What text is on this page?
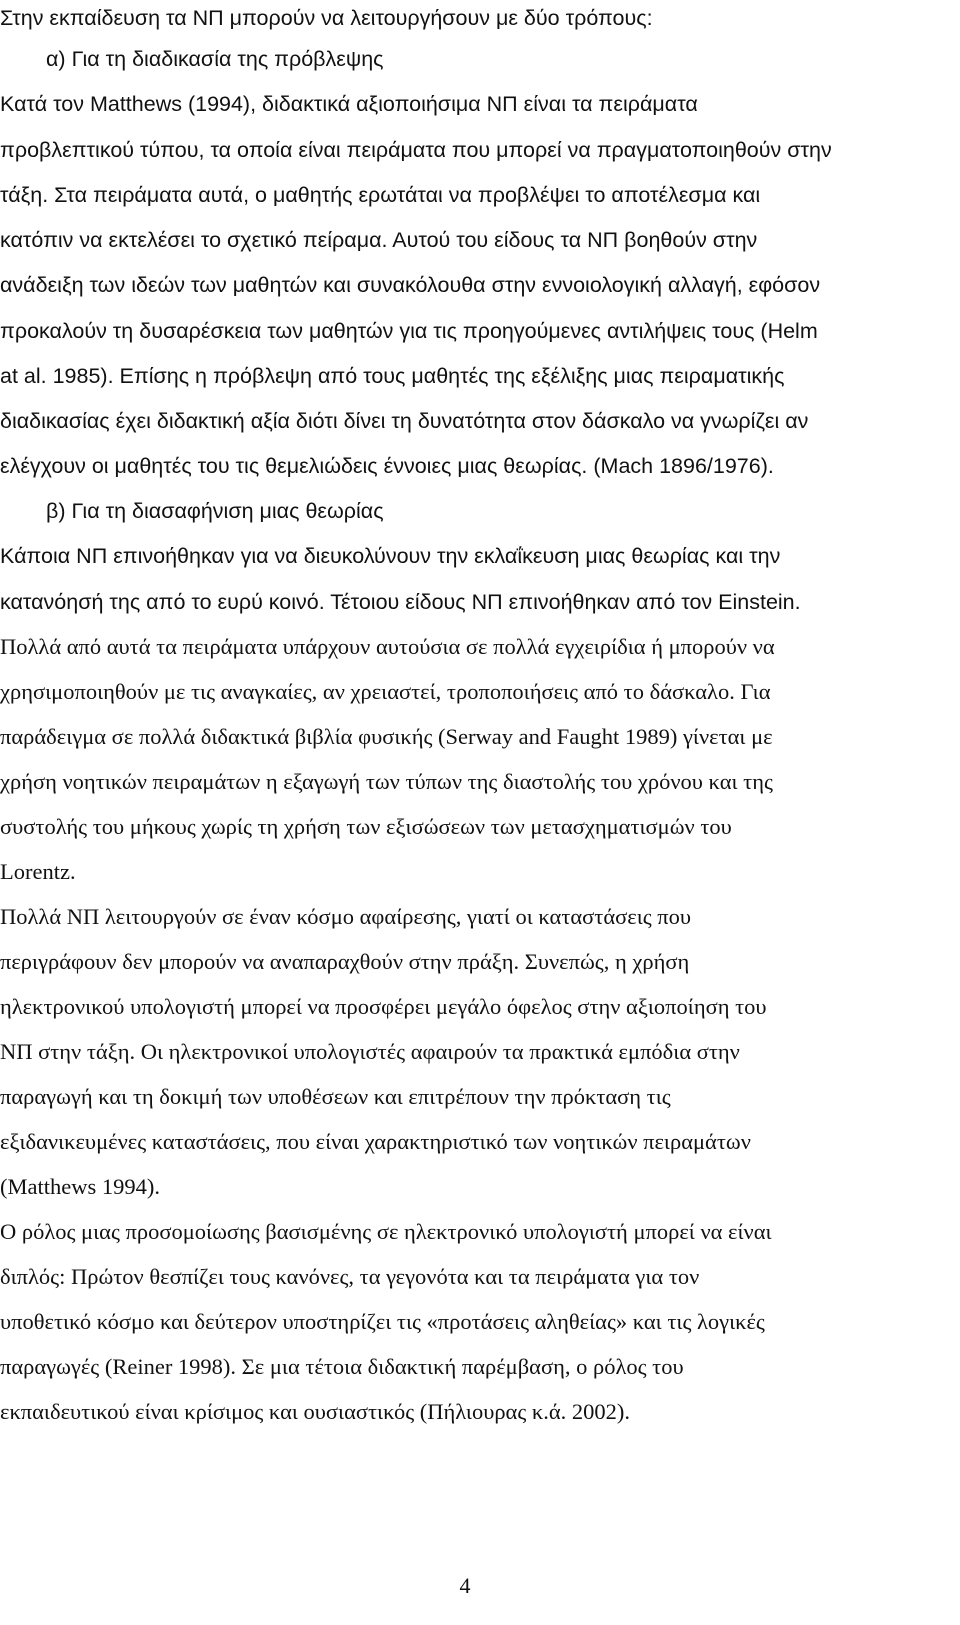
Στην εκπαίδευση τα ΝΠ μπορούν να λειτουργήσουν με δύο τρόπους:

α) Για τη διαδικασία της πρόβλεψης

Κατά τον Matthews (1994), διδακτικά αξιοποιήσιμα ΝΠ είναι τα πειράματα

προβλεπτικού τύπου, τα οποία είναι πειράματα που μπορεί να πραγματοποιηθούν στην

τάξη. Στα πειράματα αυτά, ο μαθητής ερωτάται να προβλέψει το αποτέλεσμα και

κατόπιν να εκτελέσει το σχετικό πείραμα. Αυτού του είδους τα ΝΠ βοηθούν στην

ανάδειξη των ιδεών των μαθητών και συνακόλουθα στην εννοιολογική αλλαγή, εφόσον

προκαλούν τη δυσαρέσκεια των μαθητών για τις προηγούμενες αντιλήψεις τους (Helm

at al. 1985). Επίσης η πρόβλεψη από τους μαθητές της εξέλιξης μιας πειραματικής

διαδικασίας έχει διδακτική αξία διότι δίνει τη δυνατότητα στον δάσκαλο να γνωρίζει αν

ελέγχουν οι μαθητές του τις θεμελιώδεις έννοιες μιας θεωρίας. (Mach 1896/1976).

β) Για τη διασαφήνιση μιας θεωρίας

Κάποια ΝΠ επινοήθηκαν για να διευκολύνουν την εκλαΐκευση μιας θεωρίας και την

κατανόησή της από το ευρύ κοινό. Τέτοιου είδους ΝΠ επινοήθηκαν από τον Einstein.

Πολλά από αυτά τα πειράματα υπάρχουν αυτούσια σε πολλά εγχειρίδια ή μπορούν να

χρησιμοποιηθούν με τις αναγκαίες, αν χρειαστεί, τροποποιήσεις από το δάσκαλο. Για

παράδειγμα σε πολλά διδακτικά βιβλία φυσικής (Serway and Faught 1989) γίνεται με

χρήση νοητικών πειραμάτων η εξαγωγή των τύπων της διαστολής του χρόνου και της

συστολής του μήκους χωρίς τη χρήση των εξισώσεων των μετασχηματισμών του

Lorentz.

Πολλά ΝΠ λειτουργούν σε έναν κόσμο αφαίρεσης, γιατί οι καταστάσεις που

περιγράφουν δεν μπορούν να αναπαραχθούν στην πράξη. Συνεπώς, η χρήση

ηλεκτρονικού υπολογιστή μπορεί να προσφέρει μεγάλο όφελος στην αξιοποίηση του

ΝΠ στην τάξη. Οι ηλεκτρονικοί υπολογιστές αφαιρούν τα πρακτικά εμπόδια στην

παραγωγή και τη δοκιμή των υποθέσεων και επιτρέπουν την πρόκταση τις

εξιδανικευμένες καταστάσεις, που είναι χαρακτηριστικό των νοητικών πειραμάτων

(Matthews 1994).

Ο ρόλος μιας προσομοίωσης βασισμένης σε ηλεκτρονικό υπολογιστή μπορεί να είναι

διπλός: Πρώτον θεσπίζει τους κανόνες, τα γεγονότα και τα πειράματα για τον

υποθετικό κόσμο και δεύτερον υποστηρίζει τις «προτάσεις αληθείας» και τις λογικές

παραγωγές (Reiner 1998). Σε μια τέτοια διδακτική παρέμβαση, ο ρόλος του

εκπαιδευτικού είναι κρίσιμος και ουσιαστικός (Πήλιουρας κ.ά. 2002).

4
